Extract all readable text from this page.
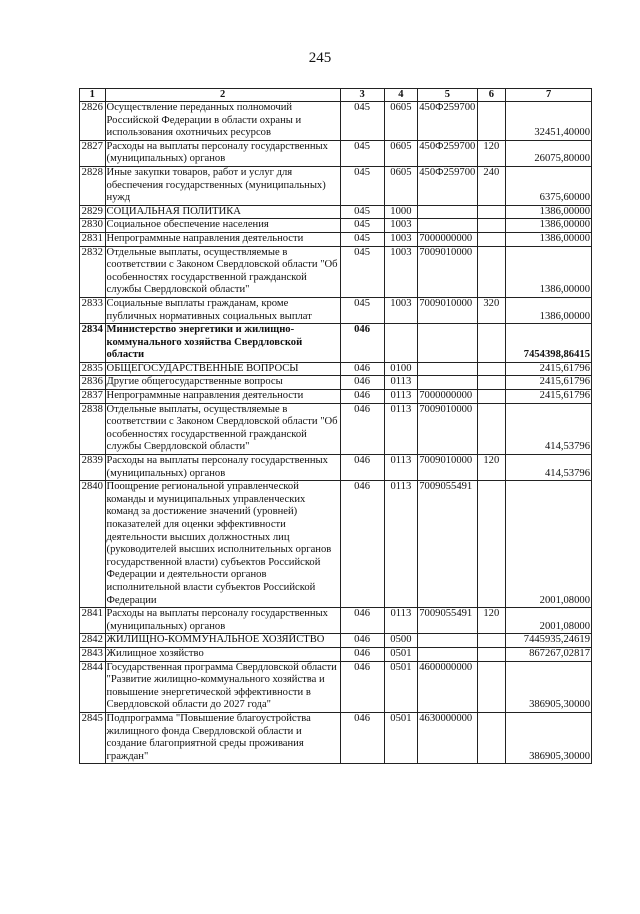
245
1	2	3	4	5	6	7
2826	Осуществление переданных полномочий Российской Федерации в области охраны и использования охотничьих ресурсов	045	0605	450Ф259700		32451,40000
2827	Расходы на выплаты персоналу государственных (муниципальных) органов	045	0605	450Ф259700	120	26075,80000
2828	Иные закупки товаров, работ и услуг для обеспечения государственных (муниципальных) нужд	045	0605	450Ф259700	240	6375,60000
2829	СОЦИАЛЬНАЯ ПОЛИТИКА	045	1000			1386,00000
2830	Социальное обеспечение населения	045	1003			1386,00000
2831	Непрограммные направления деятельности	045	1003	7000000000		1386,00000
2832	Отдельные выплаты, осуществляемые в соответствии с Законом Свердловской области "Об особенностях государственной гражданской службы Свердловской области"	045	1003	7009010000		1386,00000
2833	Социальные выплаты гражданам, кроме публичных нормативных социальных выплат	045	1003	7009010000	320	1386,00000
2834	Министерство энергетики и жилищно-коммунального хозяйства Свердловской области	046				7454398,86415
2835	ОБЩЕГОСУДАРСТВЕННЫЕ ВОПРОСЫ	046	0100			2415,61796
2836	Другие общегосударственные вопросы	046	0113			2415,61796
2837	Непрограммные направления деятельности	046	0113	7000000000		2415,61796
2838	Отдельные выплаты, осуществляемые в соответствии с Законом Свердловской области "Об особенностях государственной гражданской службы Свердловской области"	046	0113	7009010000		414,53796
2839	Расходы на выплаты персоналу государственных (муниципальных) органов	046	0113	7009010000	120	414,53796
2840	Поощрение региональной управленческой команды и муниципальных управленческих команд за достижение значений (уровней) показателей для оценки эффективности деятельности высших должностных лиц (руководителей высших исполнительных органов государственной власти) субъектов Российской Федерации и деятельности органов исполнительной власти субъектов Российской Федерации	046	0113	7009055491		2001,08000
2841	Расходы на выплаты персоналу государственных (муниципальных) органов	046	0113	7009055491	120	2001,08000
2842	ЖИЛИЩНО-КОММУНАЛЬНОЕ ХОЗЯЙСТВО	046	0500			7445935,24619
2843	Жилищное хозяйство	046	0501			867267,02817
2844	Государственная программа Свердловской области "Развитие жилищно-коммунального хозяйства и повышение энергетической эффективности в Свердловской области до 2027 года"	046	0501	4600000000		386905,30000
2845	Подпрограмма "Повышение благоустройства жилищного фонда Свердловской области и создание благоприятной среды проживания граждан"	046	0501	4630000000		386905,30000
